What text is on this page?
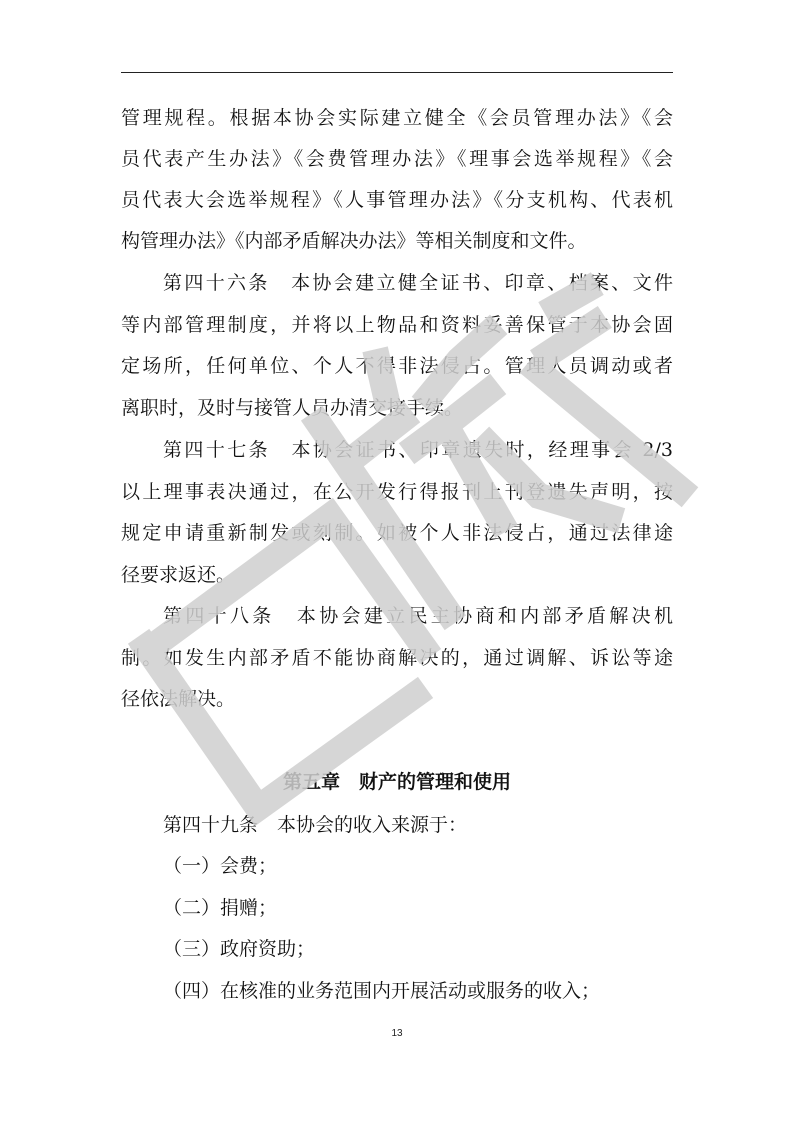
管理规程。根据本协会实际建立健全《会员管理办法》《会
员代表产生办法》《会费管理办法》《理事会选举规程》《会
员代表大会选举规程》《人事管理办法》《分支机构、代表机
构管理办法》《内部矛盾解决办法》等相关制度和文件。
第四十六条　本协会建立健全证书、印章、档案、文件
等内部管理制度，并将以上物品和资料妥善保管于本协会固
定场所，任何单位、个人不得非法侵占。管理人员调动或者
离职时，及时与接管人员办清交接手续。
第四十七条　本协会证书、印章遗失时，经理事会 2/3
以上理事表决通过，在公开发行得报刊上刊登遗失声明，按
规定申请重新制发或刻制。如被个人非法侵占，通过法律途
径要求返还。
第四十八条　本协会建立民主协商和内部矛盾解决机
制。如发生内部矛盾不能协商解决的，通过调解、诉讼等途
径依法解决。
第五章　财产的管理和使用
第四十九条　本协会的收入来源于：
（一）会费；
（二）捐赠；
（三）政府资助；
（四）在核准的业务范围内开展活动或服务的收入；
13
